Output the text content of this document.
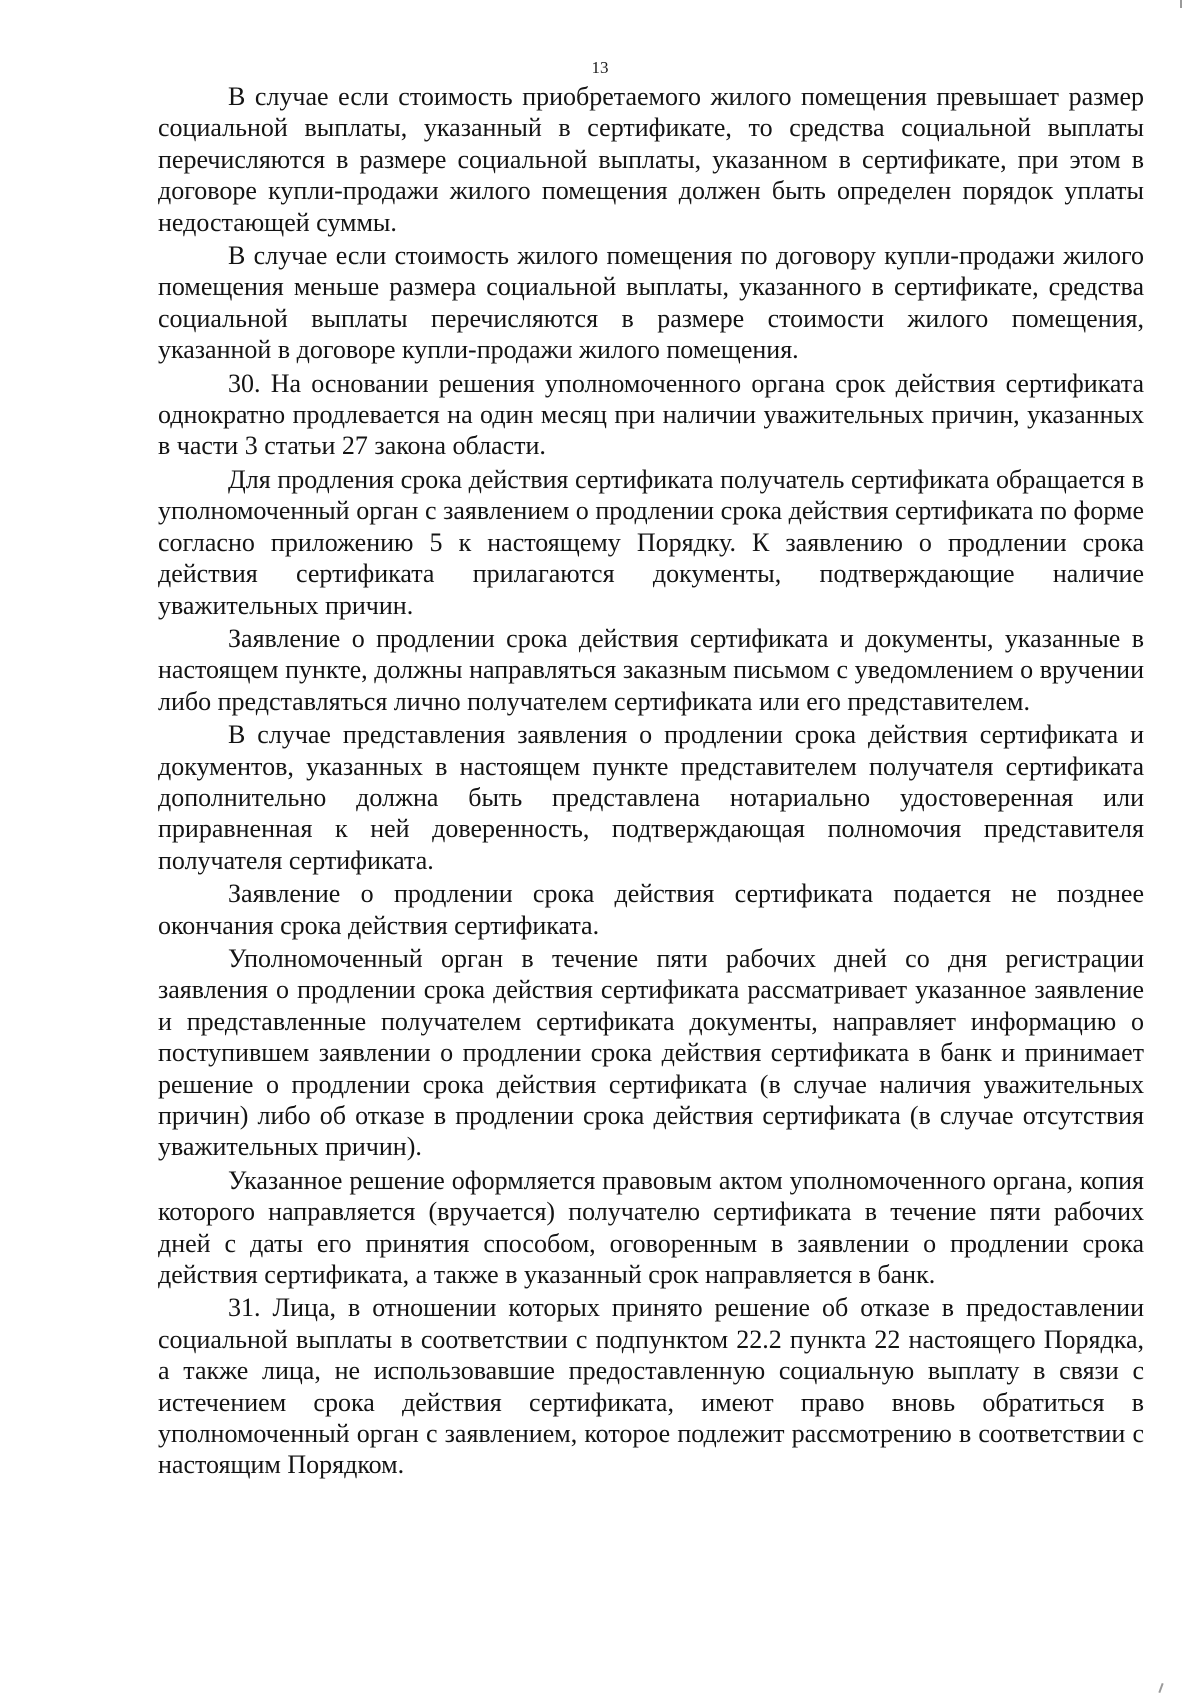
13

В случае если стоимость приобретаемого жилого помещения превышает размер социальной выплаты, указанный в сертификате, то средства социальной выплаты перечисляются в размере социальной выплаты, указанном в сертификате, при этом в договоре купли-продажи жилого помещения должен быть определен порядок уплаты недостающей суммы.

В случае если стоимость жилого помещения по договору купли-продажи жилого помещения меньше размера социальной выплаты, указанного в сертификате, средства социальной выплаты перечисляются в размере стоимости жилого помещения, указанной в договоре купли-продажи жилого помещения.

30. На основании решения уполномоченного органа срок действия сертификата однократно продлевается на один месяц при наличии уважительных причин, указанных в части 3 статьи 27 закона области.

Для продления срока действия сертификата получатель сертификата обращается в уполномоченный орган с заявлением о продлении срока действия сертификата по форме согласно приложению 5 к настоящему Порядку. К заявлению о продлении срока действия сертификата прилагаются документы, подтверждающие наличие уважительных причин.

Заявление о продлении срока действия сертификата и документы, указанные в настоящем пункте, должны направляться заказным письмом с уведомлением о вручении либо представляться лично получателем сертификата или его представителем.

В случае представления заявления о продлении срока действия сертификата и документов, указанных в настоящем пункте представителем получателя сертификата дополнительно должна быть представлена нотариально удостоверенная или приравненная к ней доверенность, подтверждающая полномочия представителя получателя сертификата.

Заявление о продлении срока действия сертификата подается не позднее окончания срока действия сертификата.

Уполномоченный орган в течение пяти рабочих дней со дня регистрации заявления о продлении срока действия сертификата рассматривает указанное заявление и представленные получателем сертификата документы, направляет информацию о поступившем заявлении о продлении срока действия сертификата в банк и принимает решение о продлении срока действия сертификата (в случае наличия уважительных причин) либо об отказе в продлении срока действия сертификата (в случае отсутствия уважительных причин).

Указанное решение оформляется правовым актом уполномоченного органа, копия которого направляется (вручается) получателю сертификата в течение пяти рабочих дней с даты его принятия способом, оговоренным в заявлении о продлении срока действия сертификата, а также в указанный срок направляется в банк.

31. Лица, в отношении которых принято решение об отказе в предоставлении социальной выплаты в соответствии с подпунктом 22.2 пункта 22 настоящего Порядка, а также лица, не использовавшие предоставленную социальную выплату в связи с истечением срока действия сертификата, имеют право вновь обратиться в уполномоченный орган с заявлением, которое подлежит рассмотрению в соответствии с настоящим Порядком.
